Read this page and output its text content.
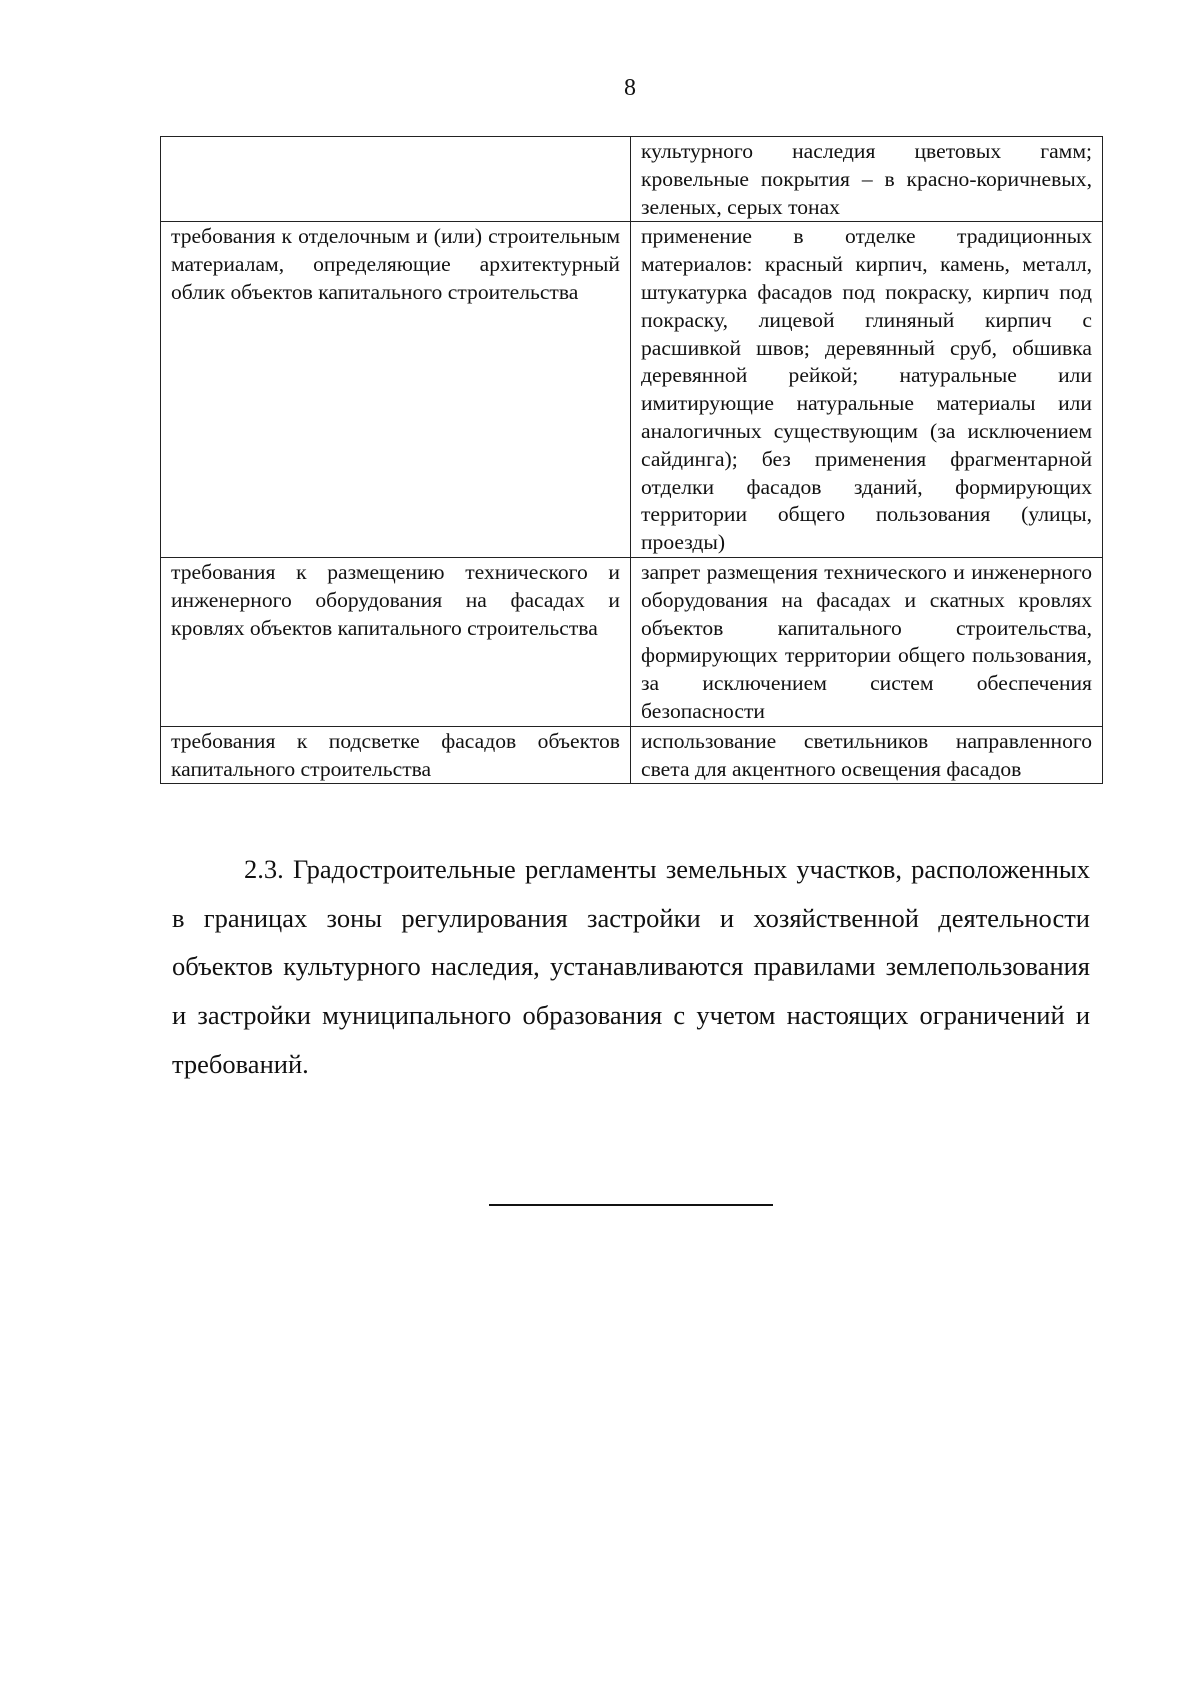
8
	культурного наследия цветовых гамм; кровельные покрытия – в красно-коричневых, зеленых, серых тонах
требования к отделочным и (или) строительным материалам, определяющие архитектурный облик объектов капитального строительства	применение в отделке традиционных материалов: красный кирпич, камень, металл, штукатурка фасадов под покраску, кирпич под покраску, лицевой глиняный кирпич с расшивкой швов; деревянный сруб, обшивка деревянной рейкой; натуральные или имитирующие натуральные материалы или аналогичных существующим (за исключением сайдинга); без применения фрагментарной отделки фасадов зданий, формирующих территории общего пользования (улицы, проезды)
требования к размещению технического и инженерного оборудования на фасадах и кровлях объектов капитального строительства	запрет размещения технического и инженерного оборудования на фасадах и скатных кровлях объектов капитального строительства, формирующих территории общего пользования, за исключением систем обеспечения безопасности
требования к подсветке фасадов объектов капитального строительства	использование светильников направленного света для акцентного освещения фасадов

2.3. Градостроительные регламенты земельных участков, расположенных в границах зоны регулирования застройки и хозяйственной деятельности объектов культурного наследия, устанавливаются правилами землепользования и застройки муниципального образования с учетом настоящих ограничений и требований.
